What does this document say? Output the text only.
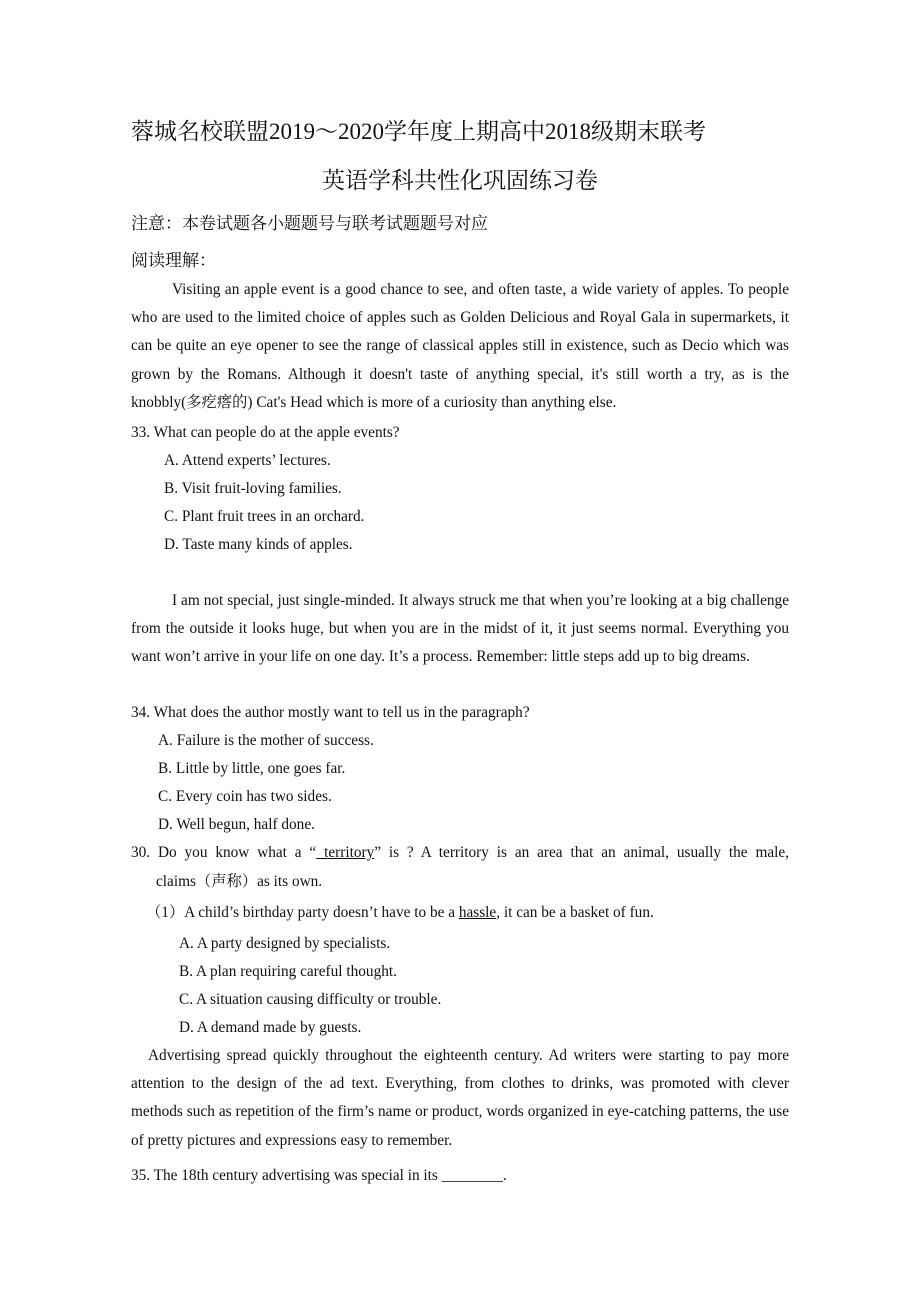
蓉城名校联盟2019～2020学年度上期高中2018级期末联考
英语学科共性化巩固练习卷
注意：本卷试题各小题题号与联考试题题号对应
阅读理解：
Visiting an apple event is a good chance to see, and often taste, a wide variety of apples. To people who are used to the limited choice of apples such as Golden Delicious and Royal Gala in supermarkets, it can be quite an eye opener to see the range of classical apples still in existence, such as Decio which was grown by the Romans. Although it doesn't taste of anything special, it's still worth a try, as is the knobbly(多疙瘩的) Cat's Head which is more of a curiosity than anything else.
33. What can people do at the apple events?
A. Attend experts’ lectures.
B. Visit fruit-loving families.
C. Plant fruit trees in an orchard.
D. Taste many kinds of apples.
I am not special, just single-minded. It always struck me that when you’re looking at a big challenge from the outside it looks huge, but when you are in the midst of it, it just seems normal. Everything you want won’t arrive in your life on one day. It’s a process. Remember: little steps add up to big dreams.
34. What does the author mostly want to tell us in the paragraph?
A. Failure is the mother of success.
B. Little by little, one goes far.
C. Every coin has two sides.
D. Well begun, half done.
30. Do you know what a “ territory” is ? A territory is an area that an animal, usually the male,
claims（声称）as its own.
（1）A child’s birthday party doesn’t have to be a hassle, it can be a basket of fun.
A. A party designed by specialists.
B. A plan requiring careful thought.
C. A situation causing difficulty or trouble.
D. A demand made by guests.
Advertising spread quickly throughout the eighteenth century. Ad writers were starting to pay more attention to the design of the ad text. Everything, from clothes to drinks, was promoted with clever methods such as repetition of the firm’s name or product, words organized in eye-catching patterns, the use of pretty pictures and expressions easy to remember.
35. The 18th century advertising was special in its ________.
